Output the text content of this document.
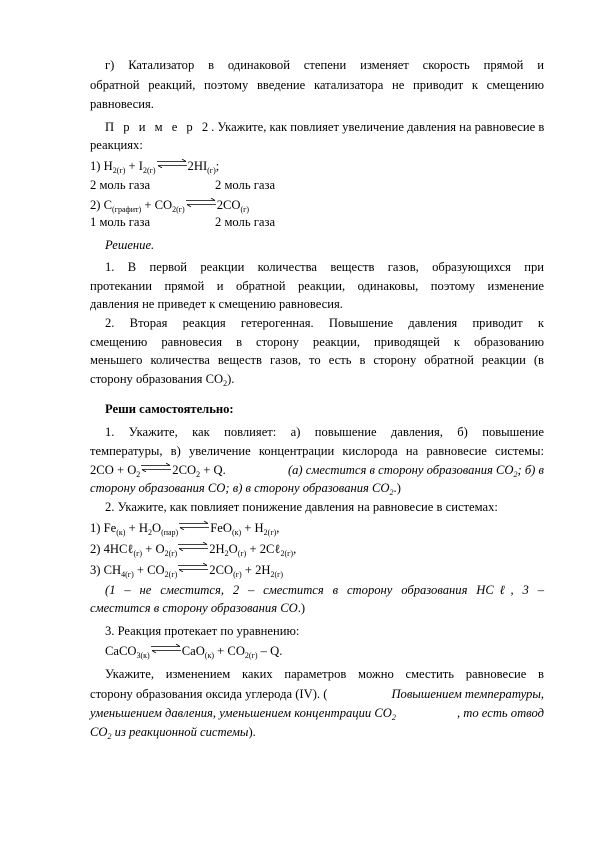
г) Катализатор в одинаковой степени изменяет скорость прямой и
обратной реакций, поэтому введение катализатора не приводит к смещению
равновесия.
П р и м е р 2. Укажите, как повлияет увеличение давления на равновесие в
реакциях:
1) $H_{2(г)} + I_{2(г)}$ $\rightleftharpoons 2HI_{(г)}$;
2 моль газа	2 моль газа
2) $C_{(графит)} + CO_{2(г)}$ $\rightleftharpoons 2CO_{(г)}$
1 моль газа	2 моль газа
Решение.
1. В первой реакции количества веществ газов, образующихся при
протекании прямой и обратной реакции, одинаковы, поэтому изменение
давления не приведет к смещению равновесия.
2. Вторая реакция гетерогенная. Повышение давления приводит к
смещению равновесия в сторону реакции, приводящей к образованию
меньшего количества веществ газов, то есть в сторону обратной реакции (в
сторону образования $CO_2$).
Реши самостоятельно:
1. Укажите, как повлияет: а) повышение давления, б) повышение
температуры, в) увеличение концентрации кислорода на равновесие системы:
$2CO + O_2$ $\rightleftharpoons 2CO_2 + Q$.	(а) сместится в сторону образования $CO_2$; б) в
сторону образования CO; в) в сторону образования $CO_2$.)
2. Укажите, как повлияет понижение давления на равновесие в системах:
1) $Fe_{(к)} + H_2O_{(пар)}$ ⇌FeO$_{(к)}$ + $H_{2(г)}$,
2) 4HCℓ$_{(г)}$ + $O_{2(г)}$ $\rightleftharpoons 2H_2O_{(г)}$ + 2Cℓ$_{2(г)}$,
3) $CH_{4(г)} + CO_{2(г)}$ $\rightleftharpoons 2CO_{(г)} + 2H_{2(г)}$
(1 – не сместится, 2 – сместится в сторону образования HCℓ, 3 –
сместится в сторону образования CO.)
3. Реакция протекает по уравнению:
CaCO$_{3(к)}$ ⇌CaO$_{(к)}$ + $CO_{2(г)}$ – Q.
Укажите, изменением каких параметров можно сместить равновесие в
сторону образования оксида углерода (IV). (	Повышением температуры,
уменьшением давления, уменьшением концентрации $CO_2$	, то есть отвод
$CO_2$ из реакционной системы).
